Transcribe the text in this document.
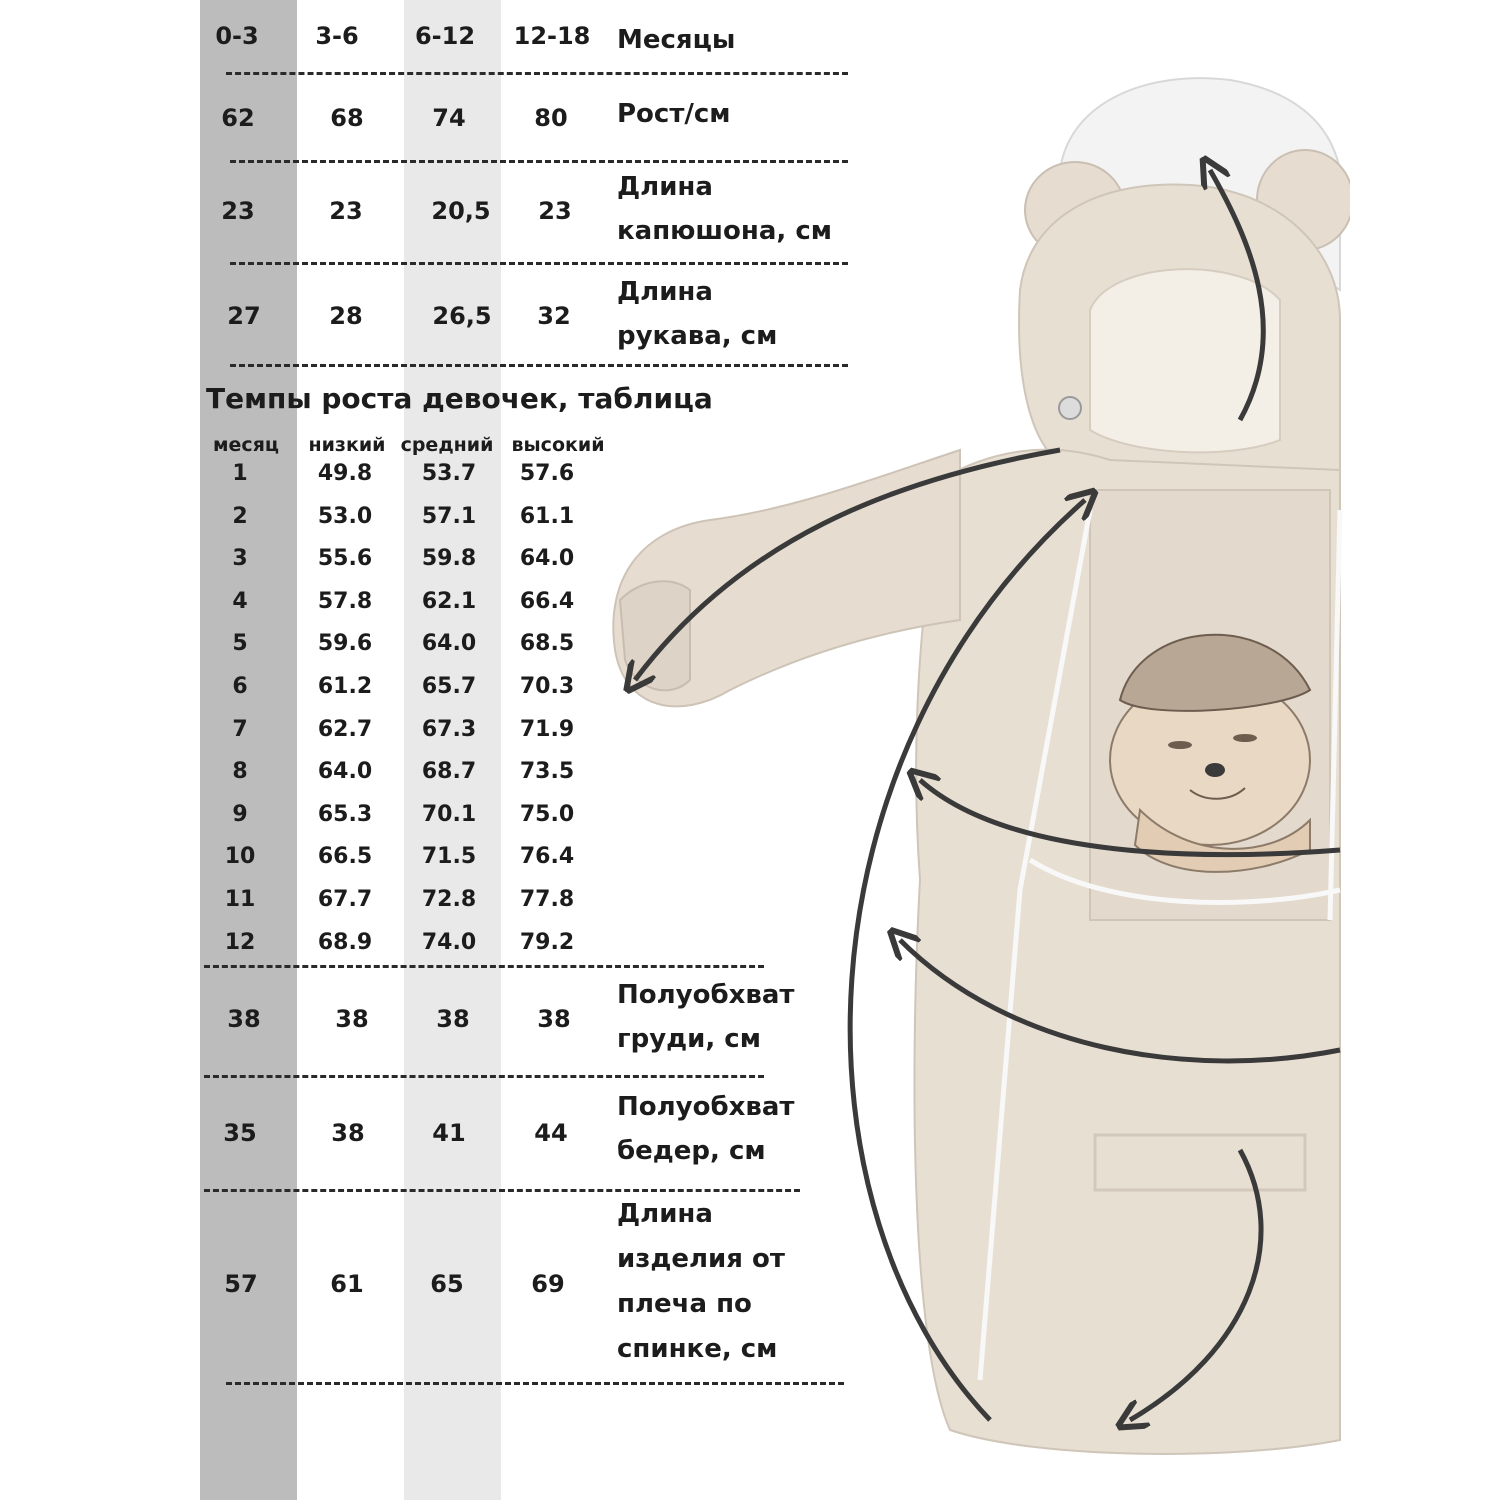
0-3 3-6 6-12 12-18 Месяцы
62	68	74	80 Рост/см
23	23	20,5 23
Длина
капюшона, см
27	28	26,5 32
Длина
рукава, см
Темпы роста девочек, таблица
месяц низкий средний высокий
1	49.8 53.7 57.6
2	53.0 57.1 61.1
3	55.6 59.8 64.0
4	57.8 62.1 66.4
5	59.6 64.0 68.5
6	61.2 65.7 70.3
7	62.7 67.3 71.9
8	64.0 68.7 73.5
9	65.3 70.1 75.0
10	66.5 71.5 76.4
11	67.7 72.8 77.8
12	68.9 74.0 79.2
38	38	38	38
Полуобхват
груди, см
35	38	41	44
Полуобхват
бедер, см
57	61	65	69
Длина
изделия от
плеча по
спинке, см
